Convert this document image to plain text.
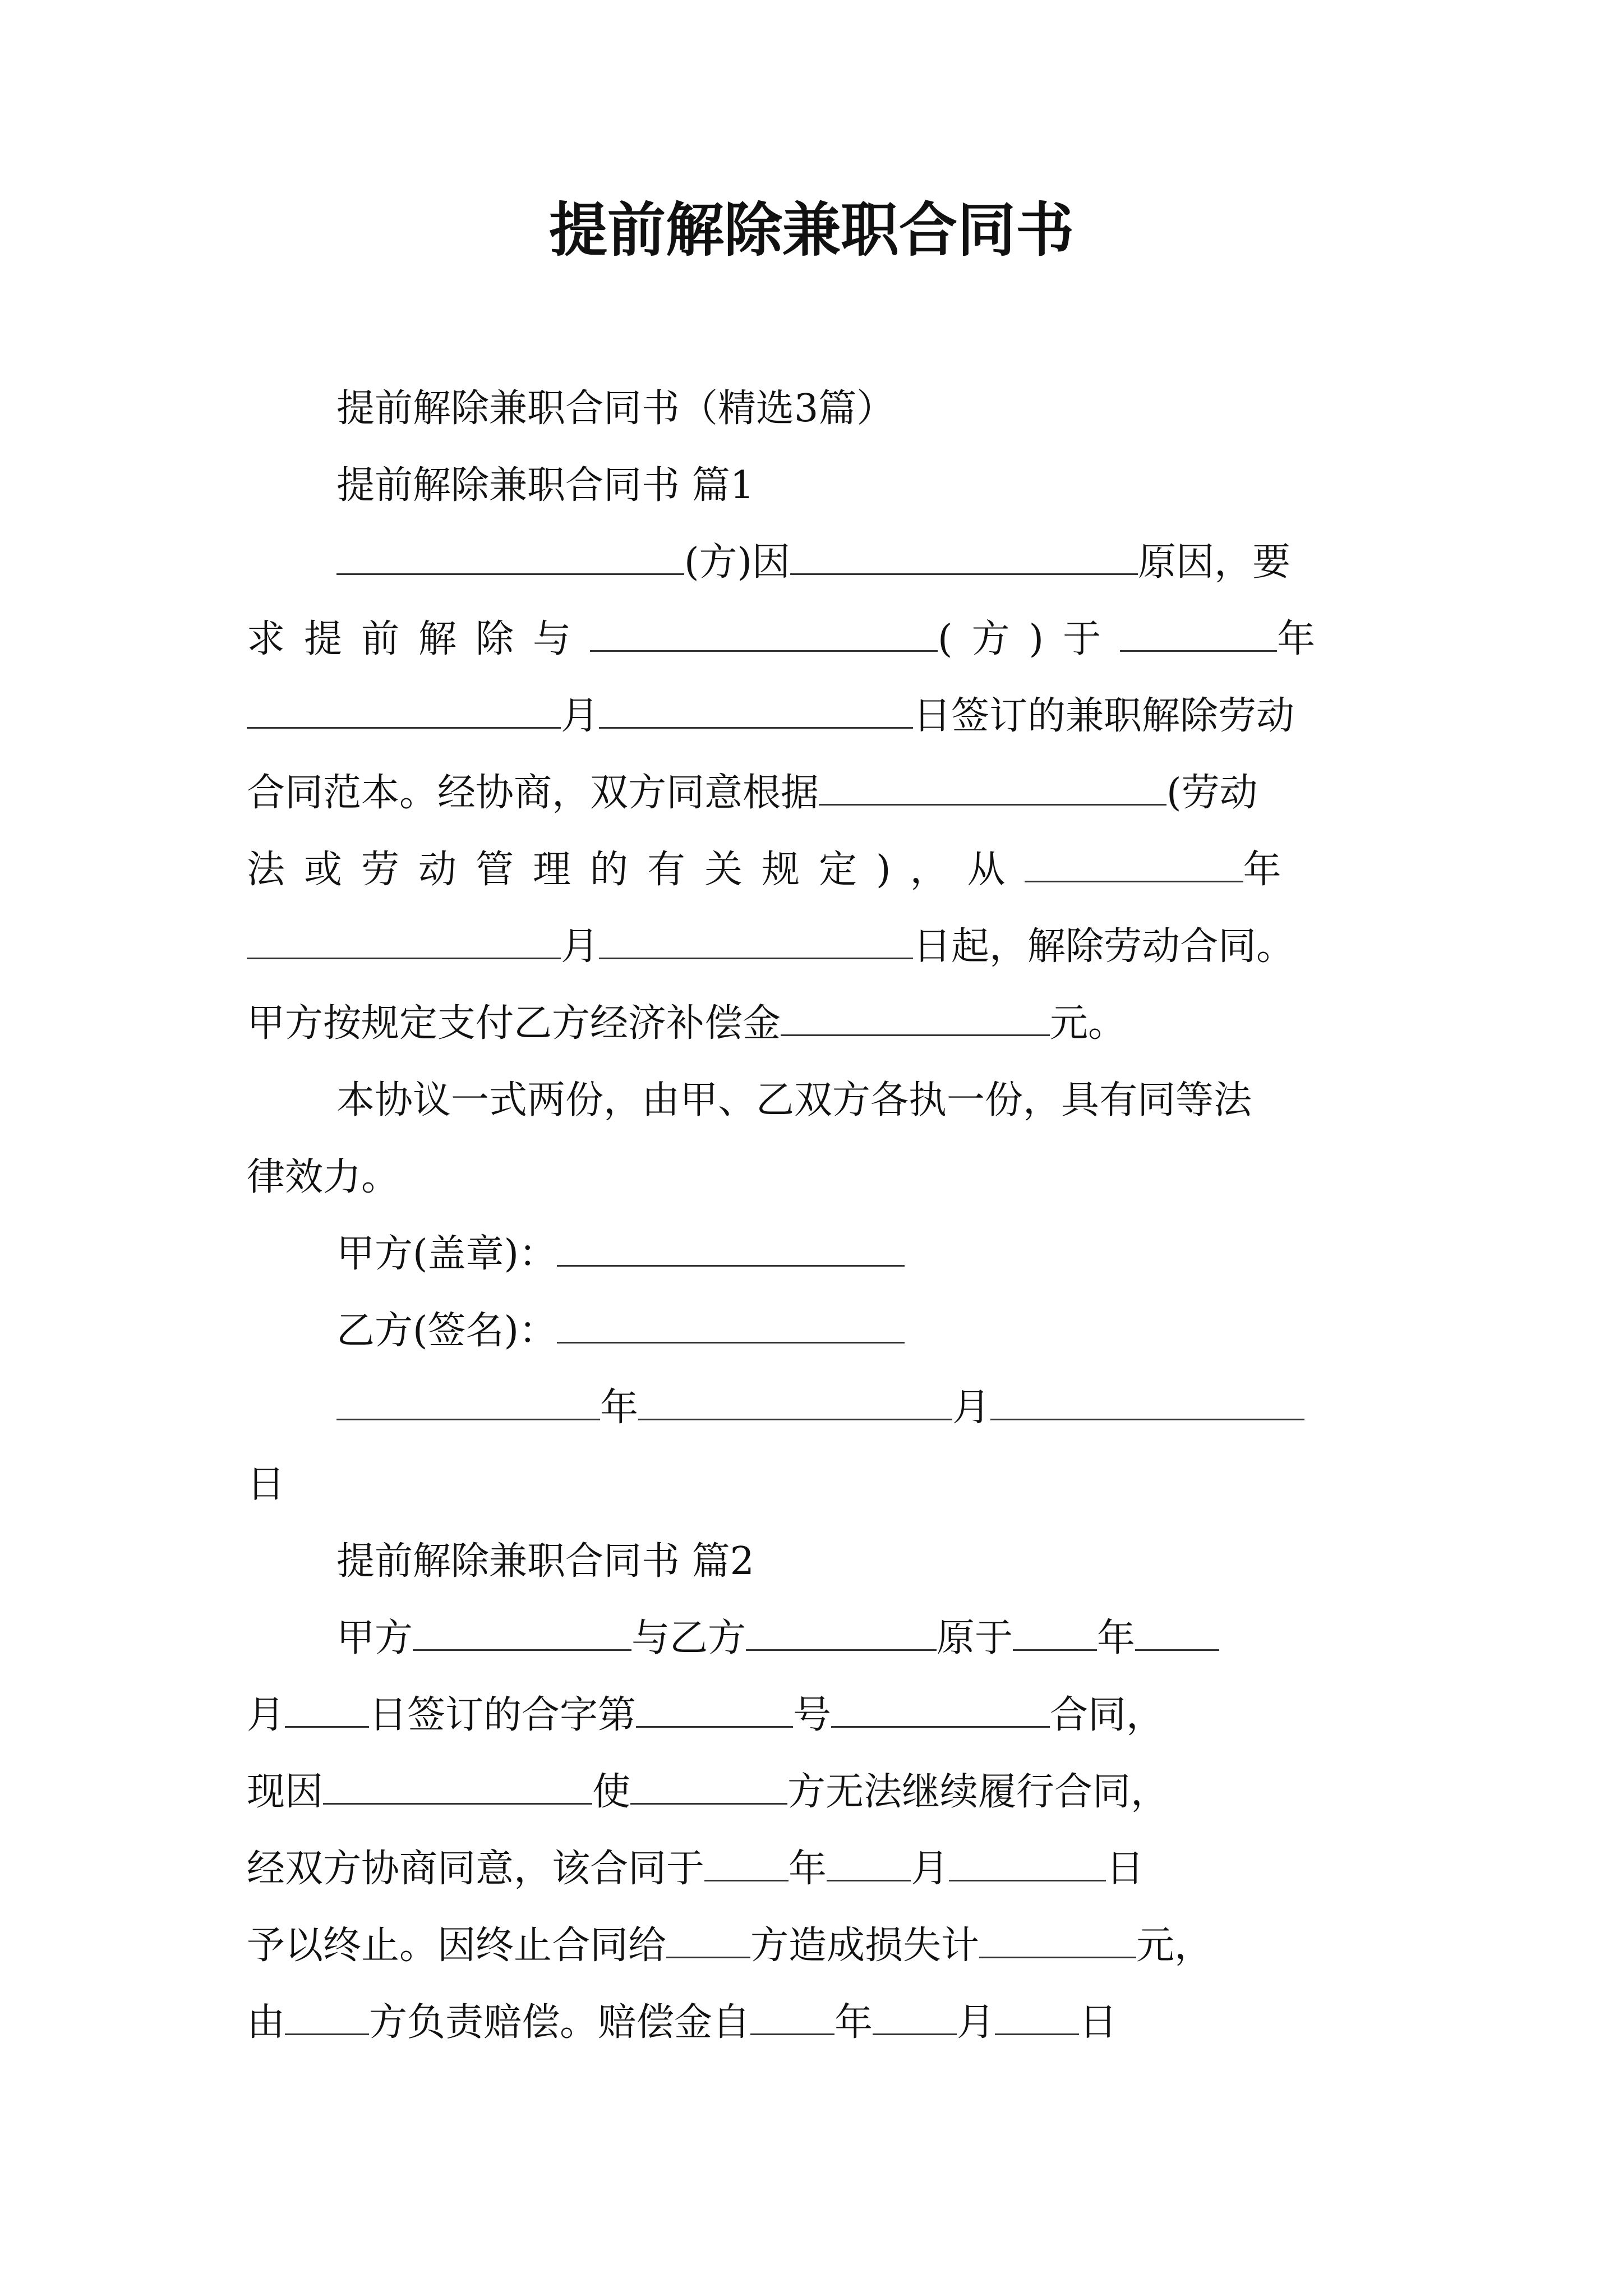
提前解除兼职合同书
提前解除兼职合同书（精选3篇）
提前解除兼职合同书 篇1
(方)因	原因，要
求提前解除与	(方)于	年
月	日签订的兼职解除劳动
合同范本。经协商，双方同意根据	(劳动
法或劳动管理的有关规定)，从	年
月	日起，解除劳动合同。
甲方按规定支付乙方经济补偿金	元。
本协议一式两份，由甲、乙双方各执一份，具有同等法
律效力。
甲方(盖章)：
乙方(签名)：
年	月
日
提前解除兼职合同书 篇2
甲方	与乙方	原于 年
月 日签订的合字第	号	合同，
现因	使	方无法继续履行合同，
经双方协商同意，该合同于 年 月	日
予以终止。因终止合同给 方造成损失计	元，
由 方负责赔偿。赔偿金自 年 月 日
